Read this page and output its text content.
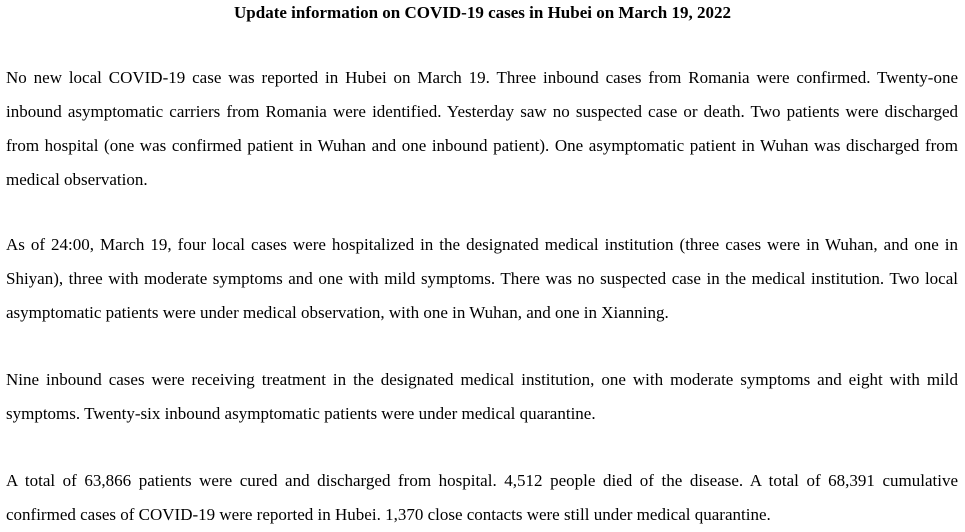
Update information on COVID-19 cases in Hubei on March 19, 2022

No new local COVID-19 case was reported in Hubei on March 19. Three inbound cases from Romania were confirmed. Twenty-one inbound asymptomatic carriers from Romania were identified. Yesterday saw no suspected case or death. Two patients were discharged from hospital (one was confirmed patient in Wuhan and one inbound patient). One asymptomatic patient in Wuhan was discharged from medical observation.

As of 24:00, March 19, four local cases were hospitalized in the designated medical institution (three cases were in Wuhan, and one in Shiyan), three with moderate symptoms and one with mild symptoms. There was no suspected case in the medical institution. Two local asymptomatic patients were under medical observation, with one in Wuhan, and one in Xianning.

Nine inbound cases were receiving treatment in the designated medical institution, one with moderate symptoms and eight with mild symptoms. Twenty-six inbound asymptomatic patients were under medical quarantine.

A total of 63,866 patients were cured and discharged from hospital. 4,512 people died of the disease. A total of 68,391 cumulative confirmed cases of COVID-19 were reported in Hubei. 1,370 close contacts were still under medical quarantine.
